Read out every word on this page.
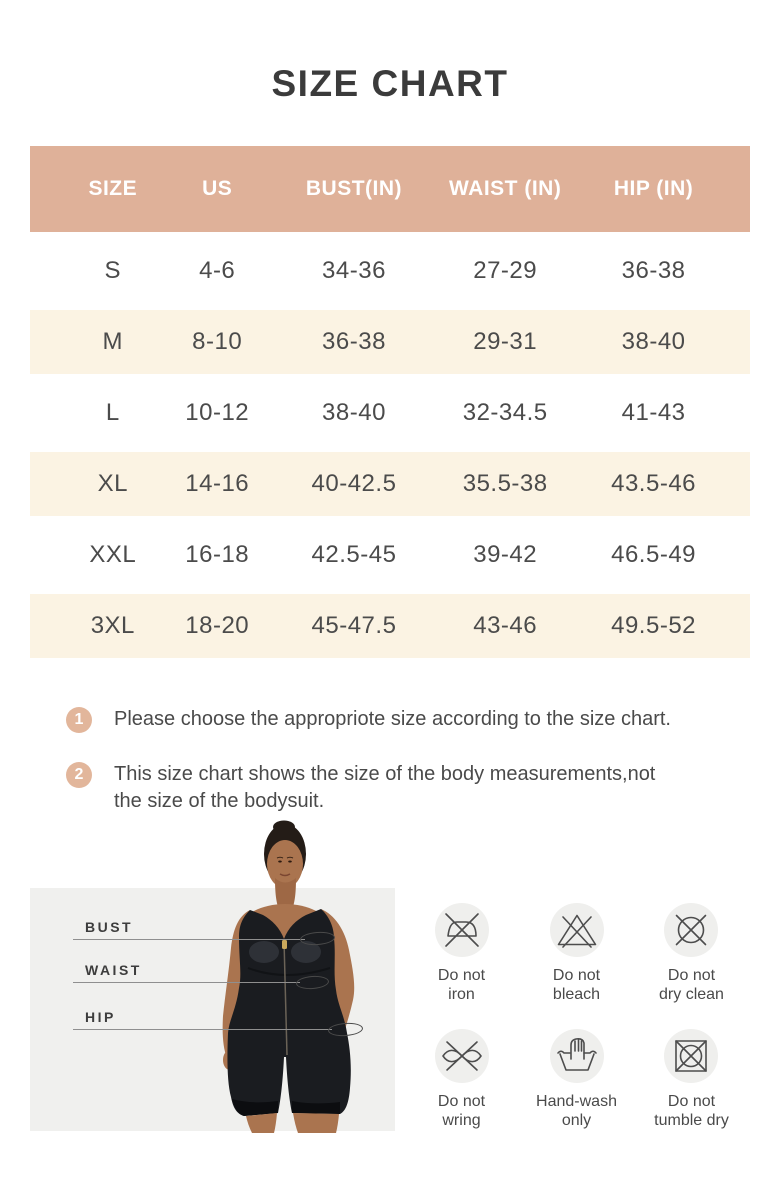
SIZE CHART
SIZE	US	BUST(IN)	WAIST (IN)	HIP (IN)
S	4-6	34-36	27-29	36-38
M	8-10	36-38	29-31	38-40
L	10-12	38-40	32-34.5	41-43
XL	14-16	40-42.5	35.5-38	43.5-46
XXL	16-18	42.5-45	39-42	46.5-49
3XL	18-20	45-47.5	43-46	49.5-52
1	Please choose the appropriote size according to the size chart.
2	This size chart shows the size of the body measurements,not the size of the bodysuit.
BUST
WAIST
HIP
Do not
iron
Do not
bleach
Do not
dry clean
Do not
wring
Hand-wash
only
Do not
tumble dry
